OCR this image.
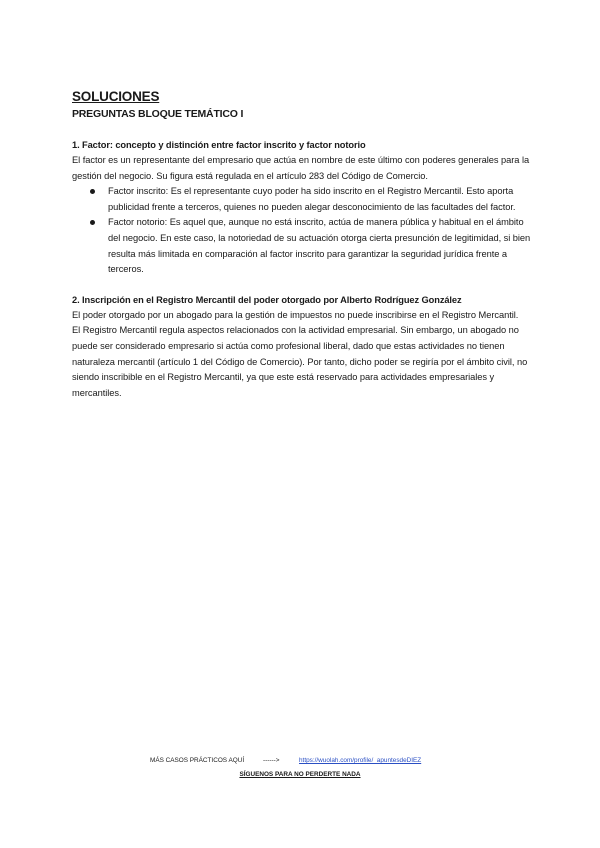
SOLUCIONES
PREGUNTAS BLOQUE TEMÁTICO I

1. Factor: concepto y distinción entre factor inscrito y factor notorio

El factor es un representante del empresario que actúa en nombre de este último con poderes generales para la gestión del negocio. Su figura está regulada en el artículo 283 del Código de Comercio.

Factor inscrito: Es el representante cuyo poder ha sido inscrito en el Registro Mercantil. Esto aporta publicidad frente a terceros, quienes no pueden alegar desconocimiento de las facultades del factor.
Factor notorio: Es aquel que, aunque no está inscrito, actúa de manera pública y habitual en el ámbito del negocio. En este caso, la notoriedad de su actuación otorga cierta presunción de legitimidad, si bien resulta más limitada en comparación al factor inscrito para garantizar la seguridad jurídica frente a terceros.

2. Inscripción en el Registro Mercantil del poder otorgado por Alberto Rodríguez González

El poder otorgado por un abogado para la gestión de impuestos no puede inscribirse en el Registro Mercantil.

El Registro Mercantil regula aspectos relacionados con la actividad empresarial. Sin embargo, un abogado no puede ser considerado empresario si actúa como profesional liberal, dado que estas actividades no tienen naturaleza mercantil (artículo 1 del Código de Comercio). Por tanto, dicho poder se regiría por el ámbito civil, no siendo inscribible en el Registro Mercantil, ya que este está reservado para actividades empresariales y mercantiles.

MÁS CASOS PRÁCTICOS AQUÍ	------>	https://wuolah.com/profile/_apuntesdeDIEZ
SÍGUENOS PARA NO PERDERTE NADA
